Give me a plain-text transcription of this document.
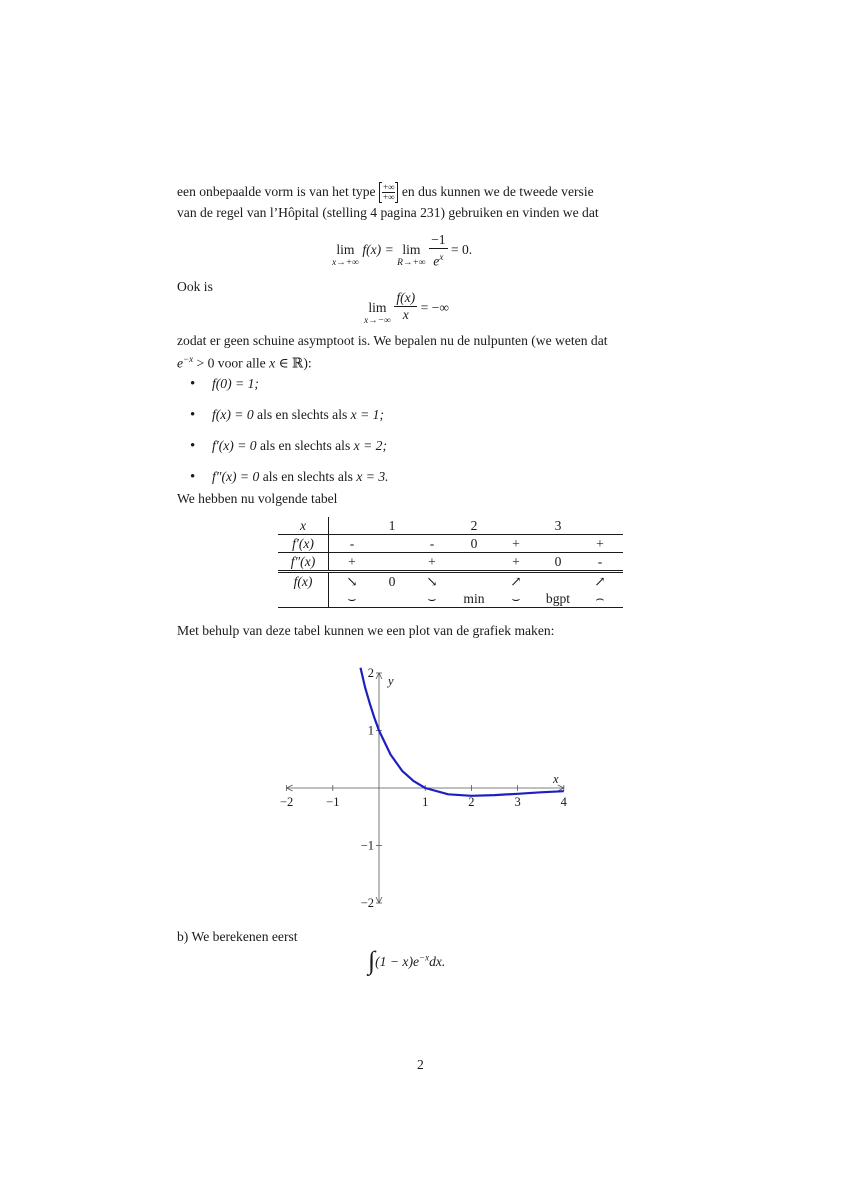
een onbepaalde vorm is van het type $\frac{+\infty}{+\infty}$ en dus kunnen we de tweede versie
van de regel van l’Hôpital (stelling 4 pagina 231) gebruiken en vinden we dat
lim
x→+∞
f(x) = lim
R→+∞
$\frac{-1}{e^x} = 0$.
Ook is
lim
x→−∞
$\frac{f(x)}{x}$ = −∞
zodat er geen schuine asymptoot is. We bepalen nu de nulpunten (we weten dat
$e^{-x} > 0$ voor alle x ∈ ℝ):
• f(0) = 1;
• f(x) = 0 als en slechts als x = 1;
• f′(x) = 0 als en slechts als x = 2;
• f″(x) = 0 als en slechts als x = 3.
We hebben nu volgende tabel
x		1		2		3	
f′(x)	-		-	0	+		+
f″(x)	+		+		+	0	-
f(x)	↘	0	↘		↗		↗
	⌣		⌣	min	⌣	bgpt	⌢
Met behulp van deze tabel kunnen we een plot van de grafiek maken:
−2	−1	1	2	3	4
2
1
−1
−2
x
y
b) We berekenen eerst
$\int(1 - x)e^{-x}dx$.
2
